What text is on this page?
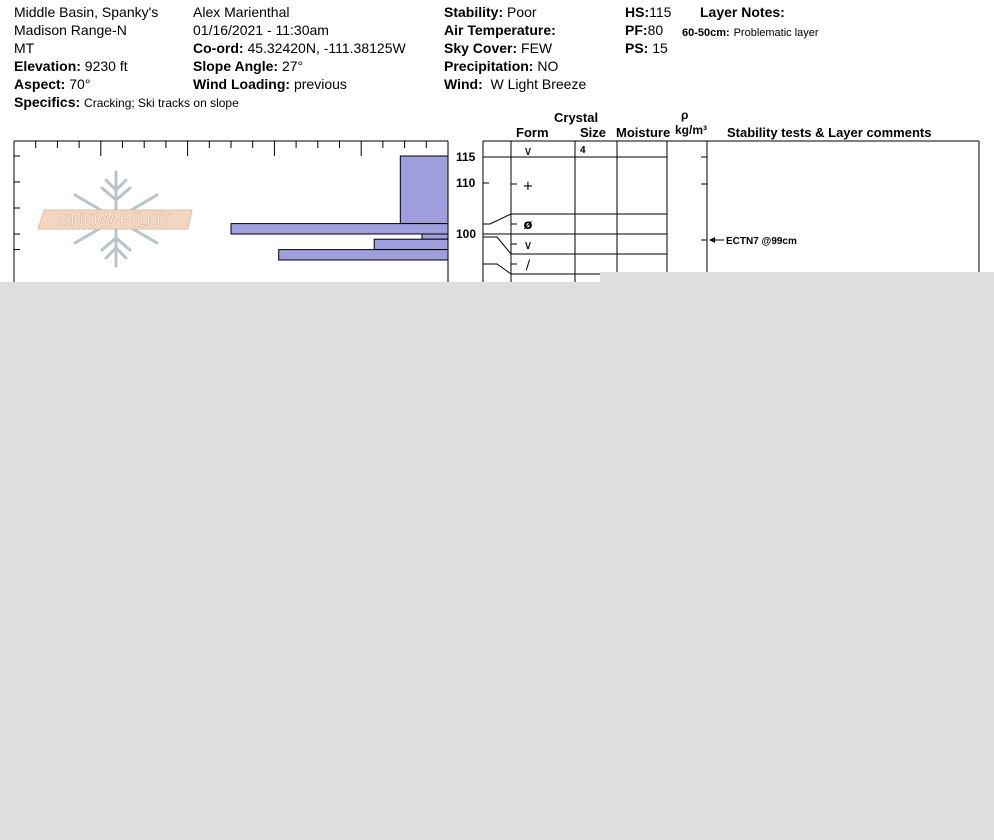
Middle Basin, Spanky's
Madison Range-N
MT
Elevation: 9230 ft
Aspect: 70°
Specifics: Cracking; Ski tracks on slope
Alex Marienthal
01/16/2021 - 11:30am
Co-ord: 45.32420N, -111.38125W
Slope Angle: 27°
Wind Loading: previous
Stability: Poor
Air Temperature:
Sky Cover: FEW
Precipitation: NO
Wind: W Light Breeze
HS:115
PF:80
PS: 15
Layer Notes:
60-50cm: Problematic layer
Crystal
Form Size Moisture
ρ
kg/m³ Stability tests & Layer comments
SNOW PILOT
115
110
100
∨
+
ø
∨
∕
4
ECTN7 @99cm
